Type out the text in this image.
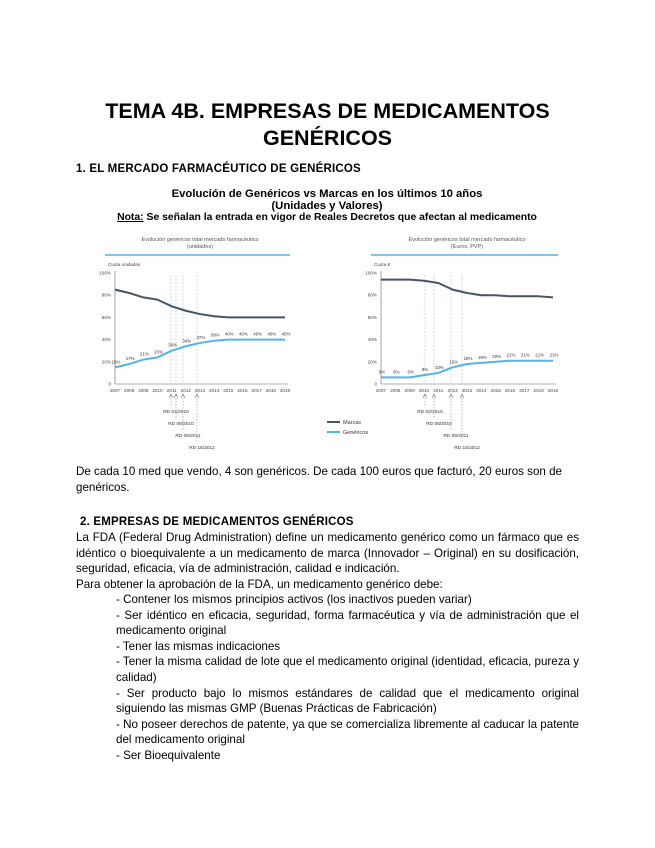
TEMA 4B. EMPRESAS DE MEDICAMENTOS
GENÉRICOS
1. EL MERCADO FARMACÉUTICO DE GENÉRICOS
Evolución de Genéricos vs Marcas en los últimos 10 años
(Unidades y Valores)
Nota: Se señalan la entrada en vigor de Reales Decretos que afectan al medicamento
Evolución genéricos total mercado farmacéutico
(unidades)
Cuota unidades
0
20%
40%
60%
80%
100%
2007 2008 2009 2010 2011 2012 2013 2014 2015 2016 2017 2018 2019
RD 04/2010
RD 08/2010
RD 09/2011
RD 16/2012
15%
17%
21% 23%
30%
34%
37% 39% 40% 40% 40% 40% 40%
Evolución genéricos total mercado farmacéutico
(Euros, PVP)
Cuota €
0
20%
40%
60%
80%
100%
2007 2008 2009 2010 2011 2012 2013 2014 2015 2016 2017 2018 2019
RD 04/2010
RD 08/2010
RD 09/2011
RD 16/2012
6% 6% 6% 8% 10%
15%
18% 19% 20% 21% 21% 21% 21%
Marcas
Genéricos
De cada 10 med que vendo, 4 son genéricos. De cada 100 euros que facturó, 20 euros son de genéricos.
2. EMPRESAS DE MEDICAMENTOS GENÉRICOS
La FDA (Federal Drug Administration) define un medicamento genérico como un fármaco que es idéntico o bioequivalente a un medicamento de marca (Innovador – Original) en su dosificación, seguridad, eficacia, vía de administración, calidad e indicación.
Para obtener la aprobación de la FDA, un medicamento genérico debe:
- Contener los mismos principios activos (los inactivos pueden variar)
- Ser idéntico en eficacia, seguridad, forma farmacéutica y vía de administración que el medicamento original
- Tener las mismas indicaciones
- Tener la misma calidad de lote que el medicamento original (identidad, eficacia, pureza y calidad)
- Ser producto bajo lo mismos estándares de calidad que el medicamento original siguiendo las mismas GMP (Buenas Prácticas de Fabricación)
- No poseer derechos de patente, ya que se comercializa libremente al caducar la patente del medicamento original
- Ser Bioequivalente
